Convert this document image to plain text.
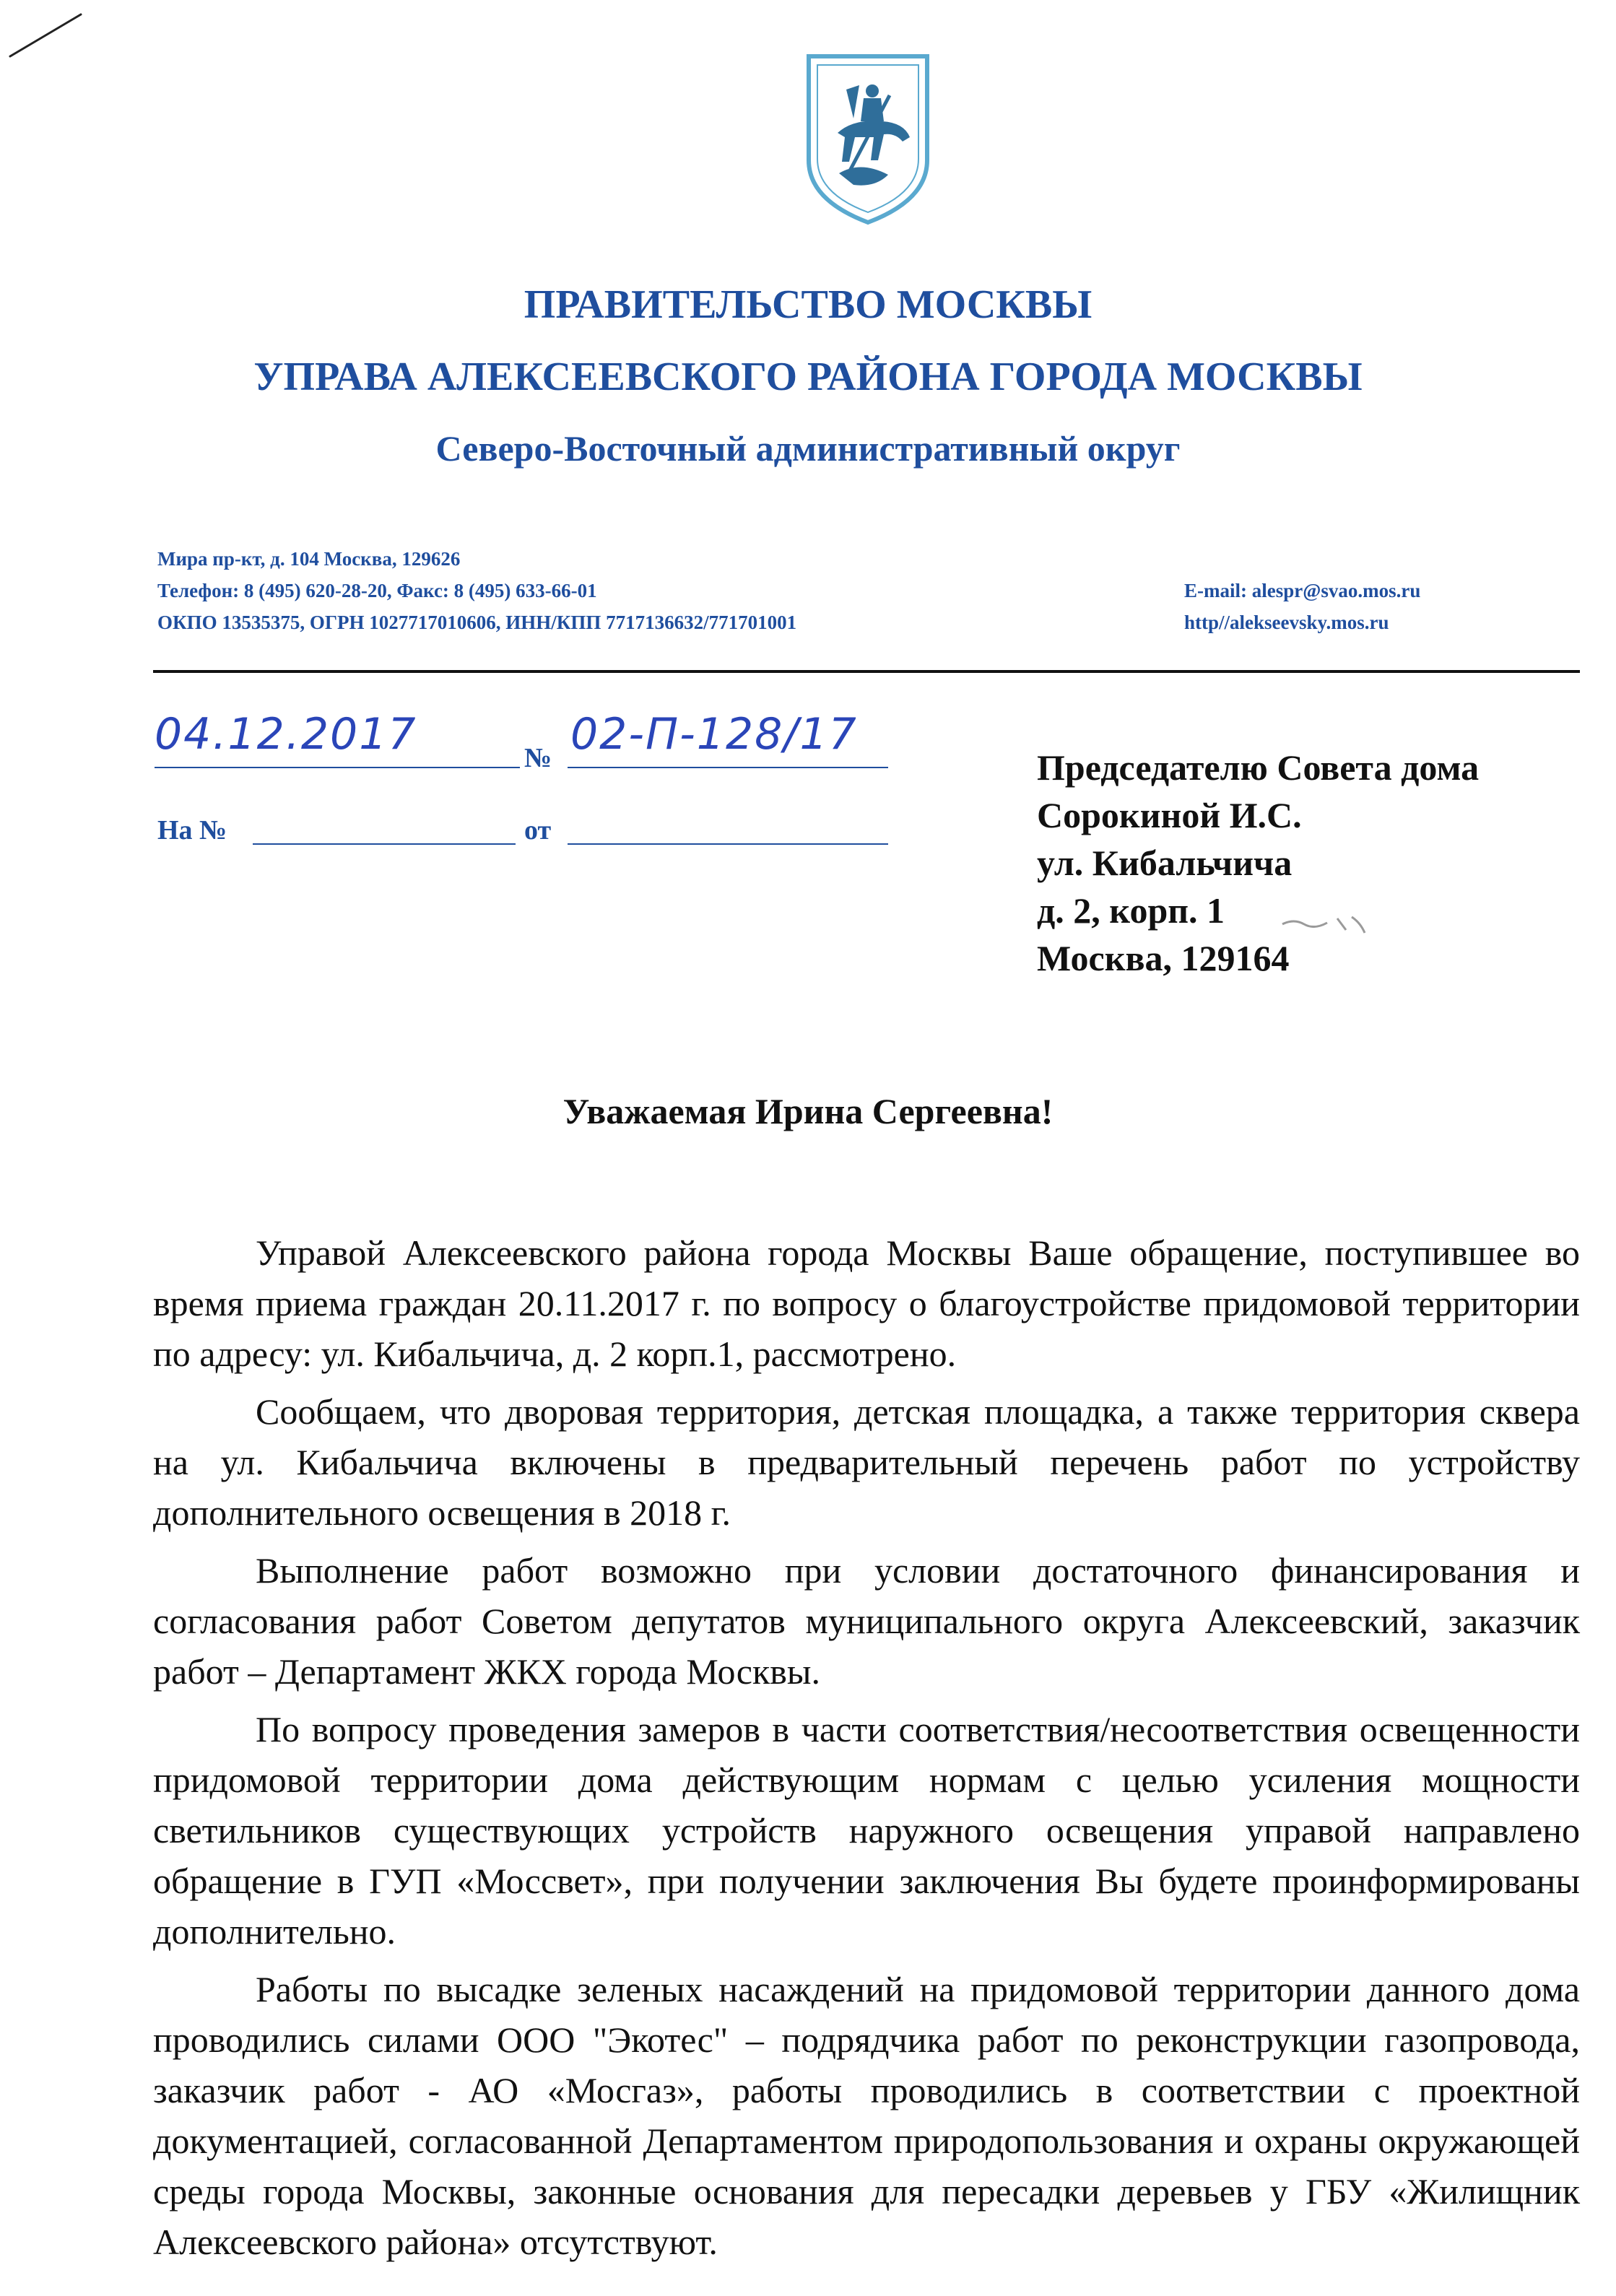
ПРАВИТЕЛЬСТВО МОСКВЫ
УПРАВА АЛЕКСЕЕВСКОГО РАЙОНА ГОРОДА МОСКВЫ
Северо-Восточный административный округ
Мира пр-кт, д. 104 Москва, 129626
Телефон: 8 (495) 620-28-20, Факс: 8 (495) 633-66-01
ОКПО 13535375, ОГРН 1027717010606, ИНН/КПП 7717136632/771701001
E-mail: alespr@svao.mos.ru
http//alekseevsky.mos.ru
04.12.2017	№ 02-П-128/17
На №	от
Председателю Совета дома
Сорокиной И.С.
ул. Кибальчича
д. 2, корп. 1
Москва, 129164
Уважаемая Ирина Сергеевна!

Управой Алексеевского района города Москвы Ваше обращение, поступившее во время приема граждан 20.11.2017 г. по вопросу о благоустройстве придомовой территории по адресу: ул. Кибальчича, д. 2 корп.1, рассмотрено.

Сообщаем, что дворовая территория, детская площадка, а также территория сквера на ул. Кибальчича включены в предварительный перечень работ по устройству дополнительного освещения в 2018 г.

Выполнение работ возможно при условии достаточного финансирования и согласования работ Советом депутатов муниципального округа Алексеевский, заказчик работ – Департамент ЖКХ города Москвы.

По вопросу проведения замеров в части соответствия/несоответствия освещенности придомовой территории дома действующим нормам с целью усиления мощности светильников существующих устройств наружного освещения управой направлено обращение в ГУП «Моссвет», при получении заключения Вы будете проинформированы дополнительно.

Работы по высадке зеленых насаждений на придомовой территории данного дома проводились силами ООО "Экотес" – подрядчика работ по реконструкции газопровода, заказчик работ - АО «Мосгаз», работы проводились в соответствии с проектной документацией, согласованной Департаментом природопользования и охраны окружающей среды города Москвы, законные основания для пересадки деревьев у ГБУ «Жилищник Алексеевского района» отсутствуют.
